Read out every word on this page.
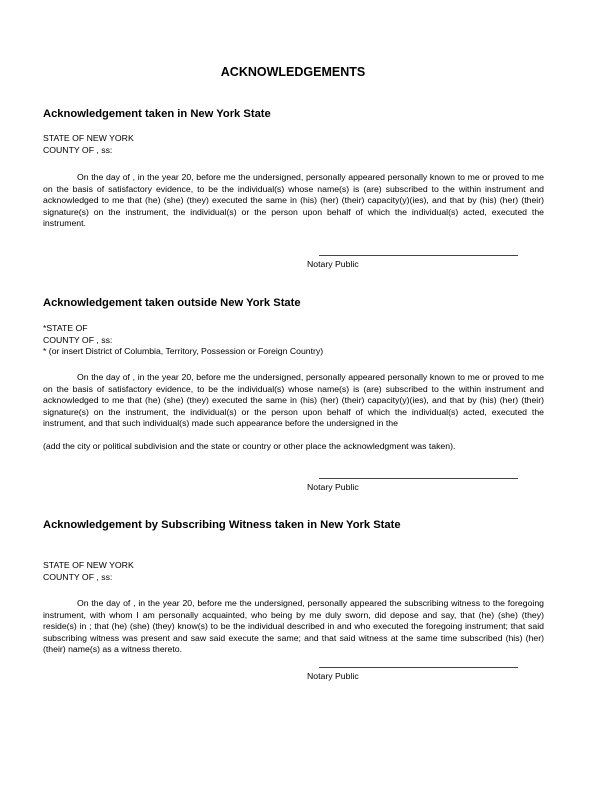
ACKNOWLEDGEMENTS
Acknowledgement taken in New York State
STATE OF NEW YORK
COUNTY OF , ss:
On the day of , in the year 20, before me the undersigned, personally appeared personally known to me or proved to me on the basis of satisfactory evidence, to be the individual(s) whose name(s) is (are) subscribed to the within instrument and acknowledged to me that (he) (she) (they) executed the same in (his) (her) (their) capacity(y)(ies), and that by (his) (her) (their) signature(s) on the instrument, the individual(s) or the person upon behalf of which the individual(s) acted, executed the instrument.
Notary Public
Acknowledgement taken outside New York State
*STATE OF
COUNTY OF , ss:
* (or insert District of Columbia, Territory, Possession or Foreign Country)
On the day of , in the year 20, before me the undersigned, personally appeared personally known to me or proved to me on the basis of satisfactory evidence, to be the individual(s) whose name(s) is (are) subscribed to the within instrument and acknowledged to me that (he) (she) (they) executed the same in (his) (her) (their) capacity(y)(ies), and that by (his) (her) (their) signature(s) on the instrument, the individual(s) or the person upon behalf of which the individual(s) acted, executed the instrument, and that such individual(s) made such appearance before the undersigned in the
(add the city or political subdivision and the state or country or other place the acknowledgment was taken).
Notary Public
Acknowledgement by Subscribing Witness taken in New York State
STATE OF NEW YORK
COUNTY OF , ss:
On the day of , in the year 20, before me the undersigned, personally appeared the subscribing witness to the foregoing instrument, with whom I am personally acquainted, who being by me duly sworn, did depose and say, that (he) (she) (they) reside(s) in ; that (he) (she) (they) know(s) to be the individual described in and who executed the foregoing instrument; that said subscribing witness was present and saw said execute the same; and that said witness at the same time subscribed (his) (her) (their) name(s) as a witness thereto.
Notary Public
